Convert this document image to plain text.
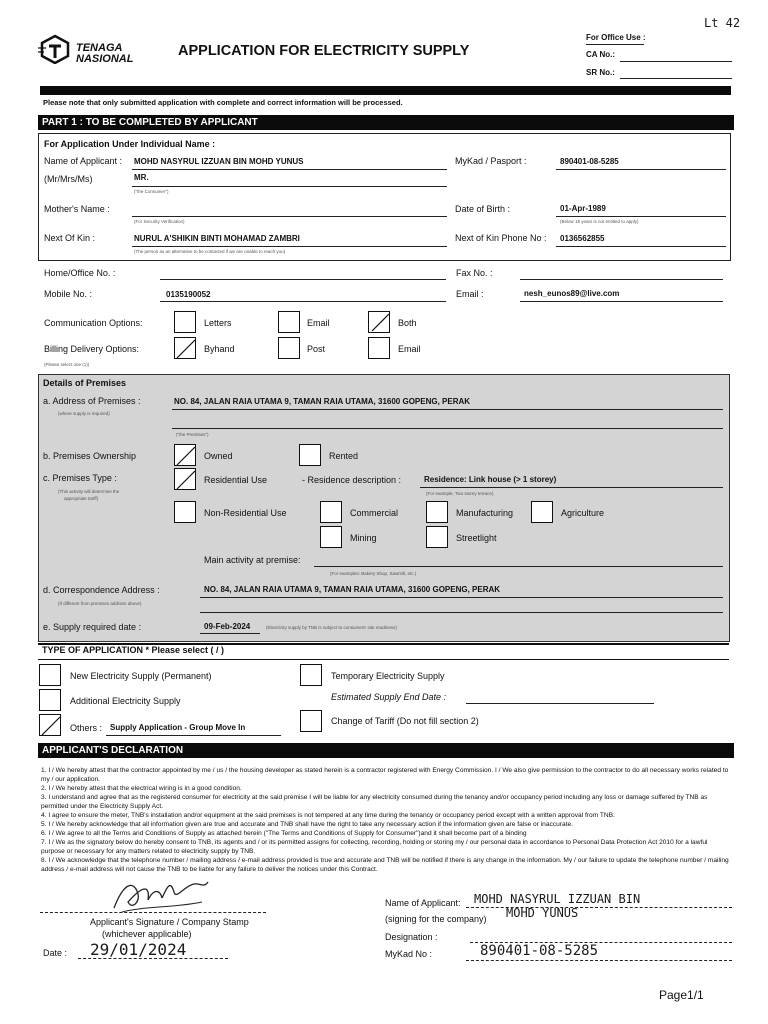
Lt 42
TENAGA
NASIONAL	APPLICATION FOR ELECTRICITY SUPPLY
For Office Use :
CA No.:
SR No.:
Please note that only submitted application with complete and correct information will be processed.
PART 1 : TO BE COMPLETED BY APPLICANT
For Application Under Individual Name :
Name of Applicant : MOHD NASYRUL IZZUAN BIN MOHD YUNUS
(Mr/Mrs/Ms)	MR.
("the Consumer")
MyKad / Pasport :	890401-08-5285
Mother's Name :
(For Security Verification)
Date of Birth :	01-Apr-1989
(Below 18 years is not entitled to apply)
Next Of Kin :	NURUL A'SHIKIN BINTI MOHAMAD ZAMBRI
(The person as an alternative to be contacted if we are unable to reach you)
Next of Kin Phone No : 0136562855
Home/Office No. :	Fax No. :
Mobile No. :	0135190052	Email :	nesh_eunos89@live.com
Communication Options:	Letters	Email	Both
Billing Delivery Options:
(Please select one (1))
Byhand	Post	Email
Details of Premises
a. Address of Premises :
(where supply is required)
NO. 84, JALAN RAIA UTAMA 9, TAMAN RAIA UTAMA, 31600 GOPENG, PERAK
("the Premises")
b. Premises Ownership	Owned	Rented
c. Premises Type :
(This activity will determine the
appropriate tariff)
Residential Use	- Residence description :	Residence: Link house (> 1 storey)
(For example, Two storey terrace)
Non-Residential Use	Commercial	Manufacturing	Agriculture
Mining	Streetlight
Main activity at premise:
(For examples: Bakery Shop, Sawmill, etc.)
d. Correspondence Address :
(If different from premises address above)
NO. 84, JALAN RAIA UTAMA 9, TAMAN RAIA UTAMA, 31600 GOPENG, PERAK
e. Supply required date :	09-Feb-2024	(Electricity supply by TNB is subject to consumers' site readiness)
TYPE OF APPLICATION * Please select ( / )
New Electricity Supply (Permanent)	Temporary Electricity Supply
Additional Electricity Supply	Estimated Supply End Date :
Others : Supply Application - Group Move In
Change of Tariff (Do not fill section 2)
APPLICANT'S DECLARATION
1. I / We hereby attest that the contractor appointed by me / us / the housing developer as stated herein is a contractor registered with Energy Commission. I / We also give permission to the contractor to do all necessary works related to my / our application.
2. I / We hereby attest that the electrical wiring is in a good condition.
3. I understand and agree that as the registered consumer for electricity at the said premise I will be liable for any electricity consumed during the tenancy and/or occupancy period including any loss or damage suffered by TNB as permitted under the Electricity Supply Act.
4. I agree to ensure the meter, TNB's installation and/or equipment at the said premises is not tempered at any time during the tenancy or occupancy period except with a written approval from TNB.
5. I / We hereby acknowledge that all information given are true and accurate and TNB shall have the right to take any necessary action if the information given are false or inaccurate.
6. I / We agree to all the Terms and Conditions of Supply as attached herein ("The Terms and Conditions of Supply for Consumer")and it shall become part of a binding
7. I / We as the signatory below do hereby consent to TNB, its agents and / or its permitted assigns for collecting, recording, holding or storing my / our personal data in accordance to Personal Data Protection Act 2010 for a lawful purpose or necessary for any matters related to electricity supply by TNB.
8. I / We acknowledge that the telephone number / mailing address / e-mail address provided is true and accurate and TNB will be notified if there is any change in the information. My / our failure to update the telephone number / mailing address / e-mail address will not cause the TNB to be liable for any failure to deliver the notices under this Contract.
Applicant's Signature / Company Stamp
(whichever applicable)
Date : 29/01/2024
Name of Applicant: MOHD NASYRUL IZZUAN BIN
MOHD YUNUS
(signing for the company)
Designation :
MyKad No :	890401-08-5285
Page1/1
